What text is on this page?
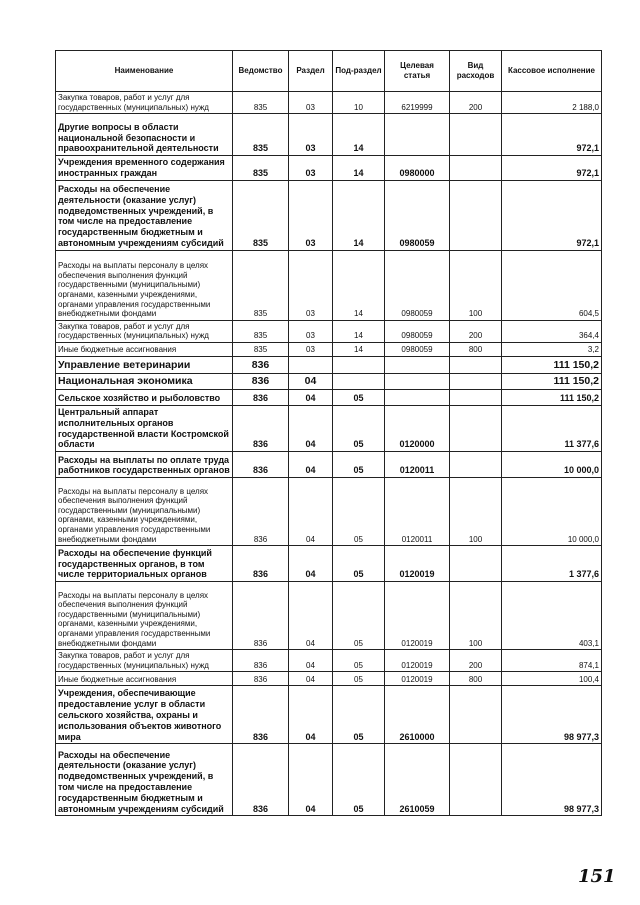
Наименование	Ведомство	Раздел	Под-раздел	Целевая статья	Вид расходов	Кассовое исполнение
Закупка товаров, работ и услуг для государственных (муниципальных) нужд	835	03	10	6219999	200	2 188,0
Другие вопросы в области национальной безопасности и правоохранительной деятельности	835	03	14			972,1
Учреждения временного содержания иностранных граждан	835	03	14	0980000		972,1
Расходы на обеспечение деятельности (оказание услуг) подведомственных учреждений, в том числе на предоставление государственным бюджетным и автономным учреждениям субсидий	835	03	14	0980059		972,1
Расходы на выплаты персоналу в целях обеспечения выполнения функций государственными (муниципальными) органами, казенными учреждениями, органами управления государственными внебюджетными фондами	835	03	14	0980059	100	604,5
Закупка товаров, работ и услуг для государственных (муниципальных) нужд	835	03	14	0980059	200	364,4
Иные бюджетные ассигнования	835	03	14	0980059	800	3,2
Управление ветеринарии	836					111 150,2
Национальная экономика	836	04				111 150,2
Сельское хозяйство и рыболовство	836	04	05			111 150,2
Центральный аппарат исполнительных органов государственной власти Костромской области	836	04	05	0120000		11 377,6
Расходы на выплаты по оплате труда работников государственных органов	836	04	05	0120011		10 000,0
Расходы на выплаты персоналу в целях обеспечения выполнения функций государственными (муниципальными) органами, казенными учреждениями, органами управления государственными внебюджетными фондами	836	04	05	0120011	100	10 000,0
Расходы на обеспечение функций государственных органов, в том числе территориальных органов	836	04	05	0120019		1 377,6
Расходы на выплаты персоналу в целях обеспечения выполнения функций государственными (муниципальными) органами, казенными учреждениями, органами управления государственными внебюджетными фондами	836	04	05	0120019	100	403,1
Закупка товаров, работ и услуг для государственных (муниципальных) нужд	836	04	05	0120019	200	874,1
Иные бюджетные ассигнования	836	04	05	0120019	800	100,4
Учреждения, обеспечивающие предоставление услуг в области сельского хозяйства, охраны и использования объектов животного мира	836	04	05	2610000		98 977,3
Расходы на обеспечение деятельности (оказание услуг) подведомственных учреждений, в том числе на предоставление государственным бюджетным и автономным учреждениям субсидий	836	04	05	2610059		98 977,3
151
